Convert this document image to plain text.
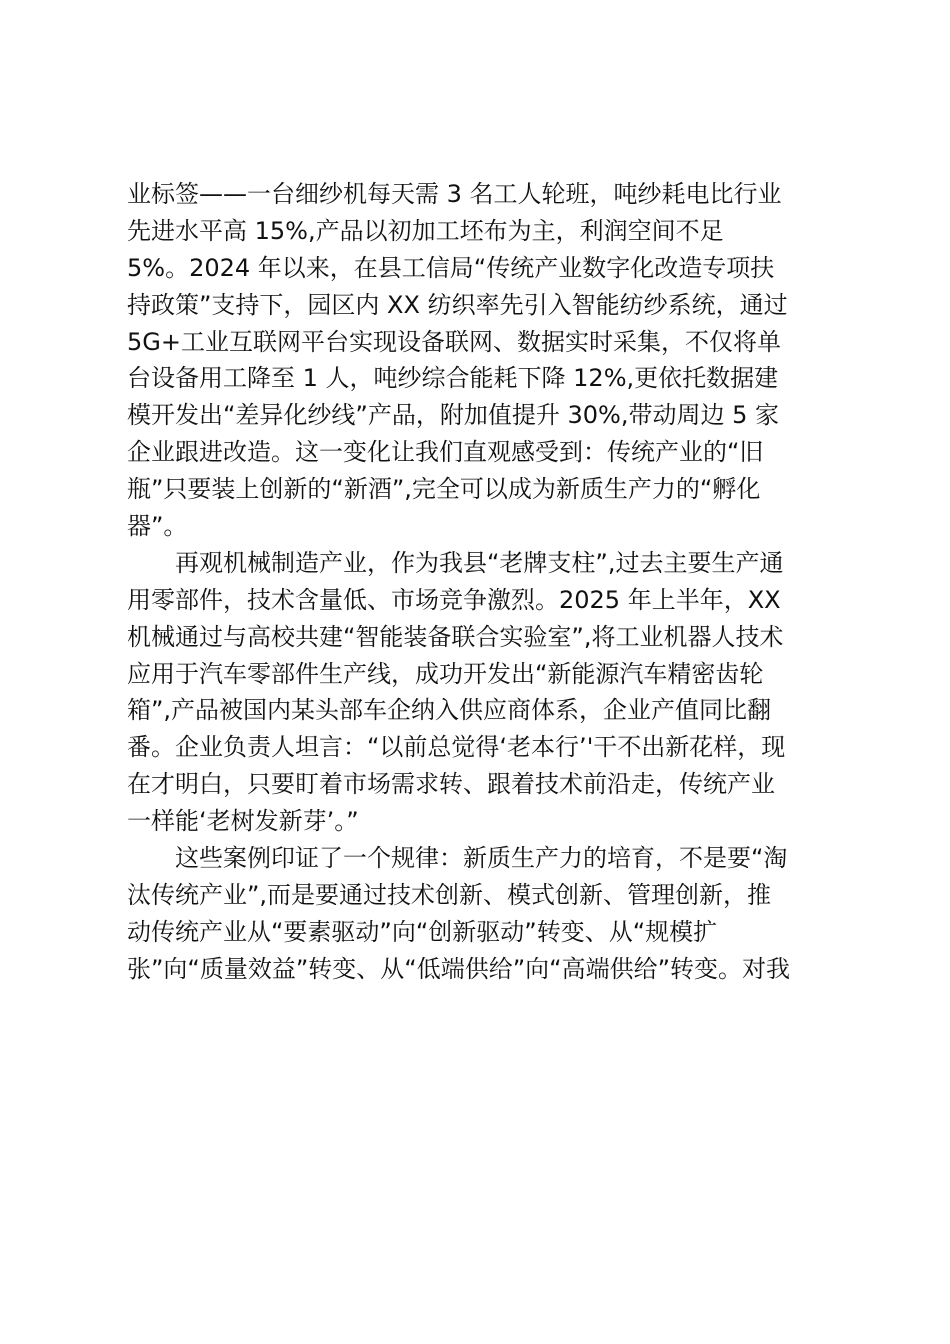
业标签——一台细纱机每天需 3 名工人轮班，吨纱耗电比行业
先进水平高 15%,产品以初加工坯布为主，利润空间不足
5%。2024 年以来，在县工信局“传统产业数字化改造专项扶
持政策”支持下，园区内 XX 纺织率先引入智能纺纱系统，通过
5G+工业互联网平台实现设备联网、数据实时采集，不仅将单
台设备用工降至 1 人，吨纱综合能耗下降 12%,更依托数据建
模开发出“差异化纱线”产品，附加值提升 30%,带动周边 5 家
企业跟进改造。这一变化让我们直观感受到：传统产业的“旧
瓶”只要装上创新的“新酒”,完全可以成为新质生产力的“孵化
器”。
再观机械制造产业，作为我县“老牌支柱”,过去主要生产通
用零部件，技术含量低、市场竞争激烈。2025 年上半年，XX
机械通过与高校共建“智能装备联合实验室”,将工业机器人技术
应用于汽车零部件生产线，成功开发出“新能源汽车精密齿轮
箱”,产品被国内某头部车企纳入供应商体系，企业产值同比翻
番。企业负责人坦言：“以前总觉得‘老本行’'干不出新花样，现
在才明白，只要盯着市场需求转、跟着技术前沿走，传统产业
一样能‘老树发新芽’。”
这些案例印证了一个规律：新质生产力的培育，不是要“淘
汰传统产业”,而是要通过技术创新、模式创新、管理创新，推
动传统产业从“要素驱动”向“创新驱动”转变、从“规模扩
张”向“质量效益”转变、从“低端供给”向“高端供给”转变。对我
